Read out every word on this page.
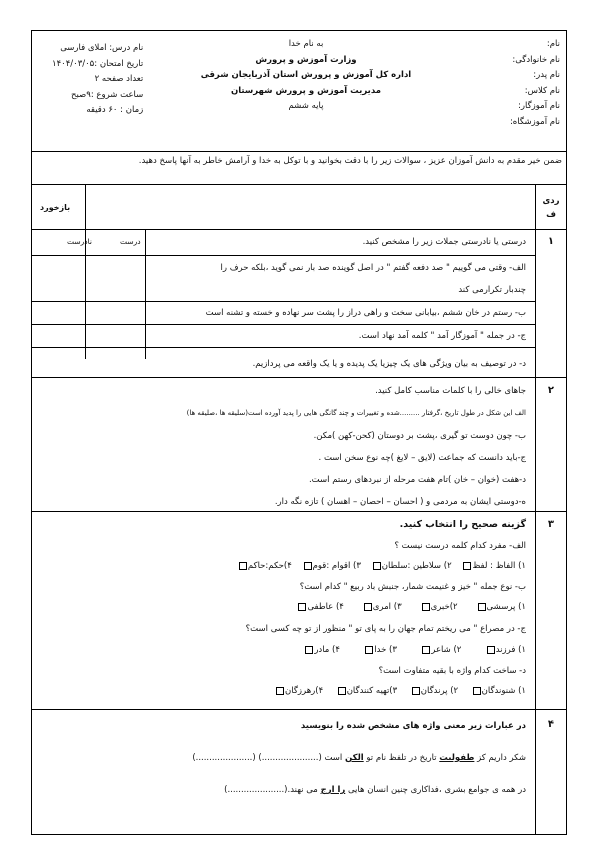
نام:
نام خانوادگی:
نام پدر:
نام کلاس:
نام آموزگار:
نام آموزشگاه:
به نام خدا
وزارت آموزش و پرورش
اداره کل آموزش و پرورش استان آذربایجان شرقی
مدیریت آموزش و پرورش شهرستان
پایه ششم
نام درس: املای فارسی
تاریخ امتحان :۱۴۰۴/۰۳/۰۵
تعداد صفحه ۲
ساعت شروع :۹صبح
زمان : ۶۰ دقیقه
ضمن خیر مقدم به دانش آموزان عزیز ، سوالات زیر را با دقت بخوانید و با توکل به خدا و آرامش خاطر به آنها پاسخ دهید.
ردی ف
بازخورد
۱
درستی یا نادرستی جملات زیر را مشخص کنید.
درست
نادرست
الف- وقتی می گوییم " صد دفعه گفتم " در اصل گوینده صد بار نمی گوید ،بلکه حرف را
چندبار تکرارمی کند
ب- رستم در خان ششم ،بیابانی سخت و راهی دراز را پشت سر نهاده و خسته و تشنه است
ج- در جمله " آموزگار آمد " کلمه آمد نهاد است.
د- در توصیف به بیان ویژگی های یک چیزیا یک پدیده و یا یک واقعه می پردازیم.
۲
جاهای خالی را با کلمات مناسب کامل کنید.
الف این شکل در طول تاریخ ،گرفتار .........شده و تغییرات و چند گانگی هایی را پدید آورده است(سلیقه ها ،صلیقه ها)
ب- چون دوست تو گیری ،پشت بر دوستان (کحن-کهن )مکن.
ج-باید دانست که جماعت (لایق – لایغ )چه نوع سخن است .
د-هفت (خوان – خان )تام هفت مرحله از نبردهای رستم است.
ه-دوستی ایشان به مردمی و ( احسان – احصان – اهسان ) تازه نگه دار.
۳
گزینه صحیح را انتخاب کنید.
الف- مفرد کدام کلمه درست نیست ؟
۱) الفاظ : لفظ    ۲) سلاطین :سلطان    ۳) اقوام :قوم    ۴)حکم:حاکم
ب- نوع جمله " خیز و غنیمت شمار، جنبش باد ربیع " کدام است؟
۱) پرسشی       ۲)خبری       ۳) امری       ۴) عاطفی
ج- در مصراع " می ریختم تمام جهان را به پای تو " منظور از تو چه کسی است؟
۱) فرزند         ۲) شاعر         ۳) خدا         ۴) مادر
د- ساخت کدام واژه با بقیه متفاوت است؟
۱) شنوندگان     ۲) پرندگان     ۳)تهیه کنندگان     ۴)رهرزگان
۴
در عبارات زیر معنی واژه های مشخص شده را بنویسید
شکر داریم کز طفولیت تاریخ در تلفظ نام تو الکن است (.....................) (.....................)
در همه ی جوامع بشری ،فداکاری چنین انسان هایی را ارج می نهند.(.....................)
